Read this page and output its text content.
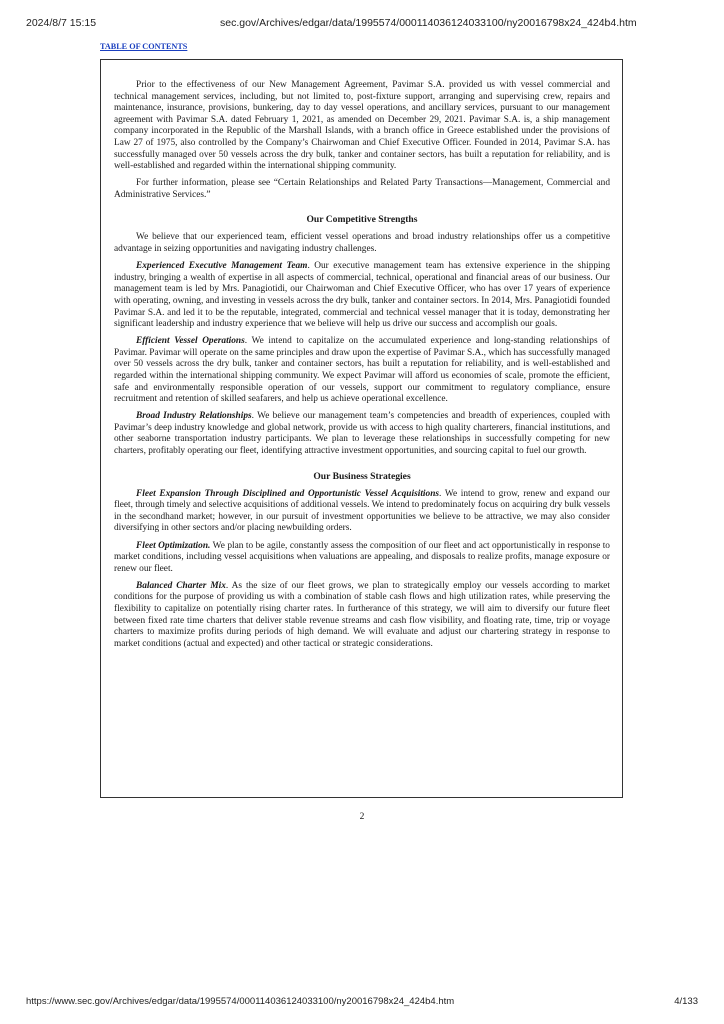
2024/8/7 15:15	sec.gov/Archives/edgar/data/1995574/000114036124033100/ny20016798x24_424b4.htm
TABLE OF CONTENTS

Prior to the effectiveness of our New Management Agreement, Pavimar S.A. provided us with vessel commercial and technical management services, including, but not limited to, post-fixture support, arranging and supervising crew, repairs and maintenance, insurance, provisions, bunkering, day to day vessel operations, and ancillary services, pursuant to our management agreement with Pavimar S.A. dated February 1, 2021, as amended on December 29, 2021. Pavimar S.A. is, a ship management company incorporated in the Republic of the Marshall Islands, with a branch office in Greece established under the provisions of Law 27 of 1975, also controlled by the Company’s Chairwoman and Chief Executive Officer. Founded in 2014, Pavimar S.A. has successfully managed over 50 vessels across the dry bulk, tanker and container sectors, has built a reputation for reliability, and is well-established and regarded within the international shipping community.

For further information, please see “Certain Relationships and Related Party Transactions—Management, Commercial and Administrative Services.”

Our Competitive Strengths

We believe that our experienced team, efficient vessel operations and broad industry relationships offer us a competitive advantage in seizing opportunities and navigating industry challenges.

Experienced Executive Management Team. Our executive management team has extensive experience in the shipping industry, bringing a wealth of expertise in all aspects of commercial, technical, operational and financial areas of our business. Our management team is led by Mrs. Panagiotidi, our Chairwoman and Chief Executive Officer, who has over 17 years of experience with operating, owning, and investing in vessels across the dry bulk, tanker and container sectors. In 2014, Mrs. Panagiotidi founded Pavimar S.A. and led it to be the reputable, integrated, commercial and technical vessel manager that it is today, demonstrating her significant leadership and industry experience that we believe will help us drive our success and accomplish our goals.

Efficient Vessel Operations. We intend to capitalize on the accumulated experience and long-standing relationships of Pavimar. Pavimar will operate on the same principles and draw upon the expertise of Pavimar S.A., which has successfully managed over 50 vessels across the dry bulk, tanker and container sectors, has built a reputation for reliability, and is well-established and regarded within the international shipping community. We expect Pavimar will afford us economies of scale, promote the efficient, safe and environmentally responsible operation of our vessels, support our commitment to regulatory compliance, ensure recruitment and retention of skilled seafarers, and help us achieve operational excellence.

Broad Industry Relationships. We believe our management team’s competencies and breadth of experiences, coupled with Pavimar’s deep industry knowledge and global network, provide us with access to high quality charterers, financial institutions, and other seaborne transportation industry participants. We plan to leverage these relationships in successfully competing for new charters, profitably operating our fleet, identifying attractive investment opportunities, and sourcing capital to fuel our growth.

Our Business Strategies

Fleet Expansion Through Disciplined and Opportunistic Vessel Acquisitions. We intend to grow, renew and expand our fleet, through timely and selective acquisitions of additional vessels. We intend to predominately focus on acquiring dry bulk vessels in the secondhand market; however, in our pursuit of investment opportunities we believe to be attractive, we may also consider diversifying in other sectors and/or placing newbuilding orders.

Fleet Optimization. We plan to be agile, constantly assess the composition of our fleet and act opportunistically in response to market conditions, including vessel acquisitions when valuations are appealing, and disposals to realize profits, manage exposure or renew our fleet.

Balanced Charter Mix. As the size of our fleet grows, we plan to strategically employ our vessels according to market conditions for the purpose of providing us with a combination of stable cash flows and high utilization rates, while preserving the flexibility to capitalize on potentially rising charter rates. In furtherance of this strategy, we will aim to diversify our future fleet between fixed rate time charters that deliver stable revenue streams and cash flow visibility, and floating rate, time, trip or voyage charters to maximize profits during periods of high demand. We will evaluate and adjust our chartering strategy in response to market conditions (actual and expected) and other tactical or strategic considerations.

2
https://www.sec.gov/Archives/edgar/data/1995574/000114036124033100/ny20016798x24_424b4.htm	4/133
